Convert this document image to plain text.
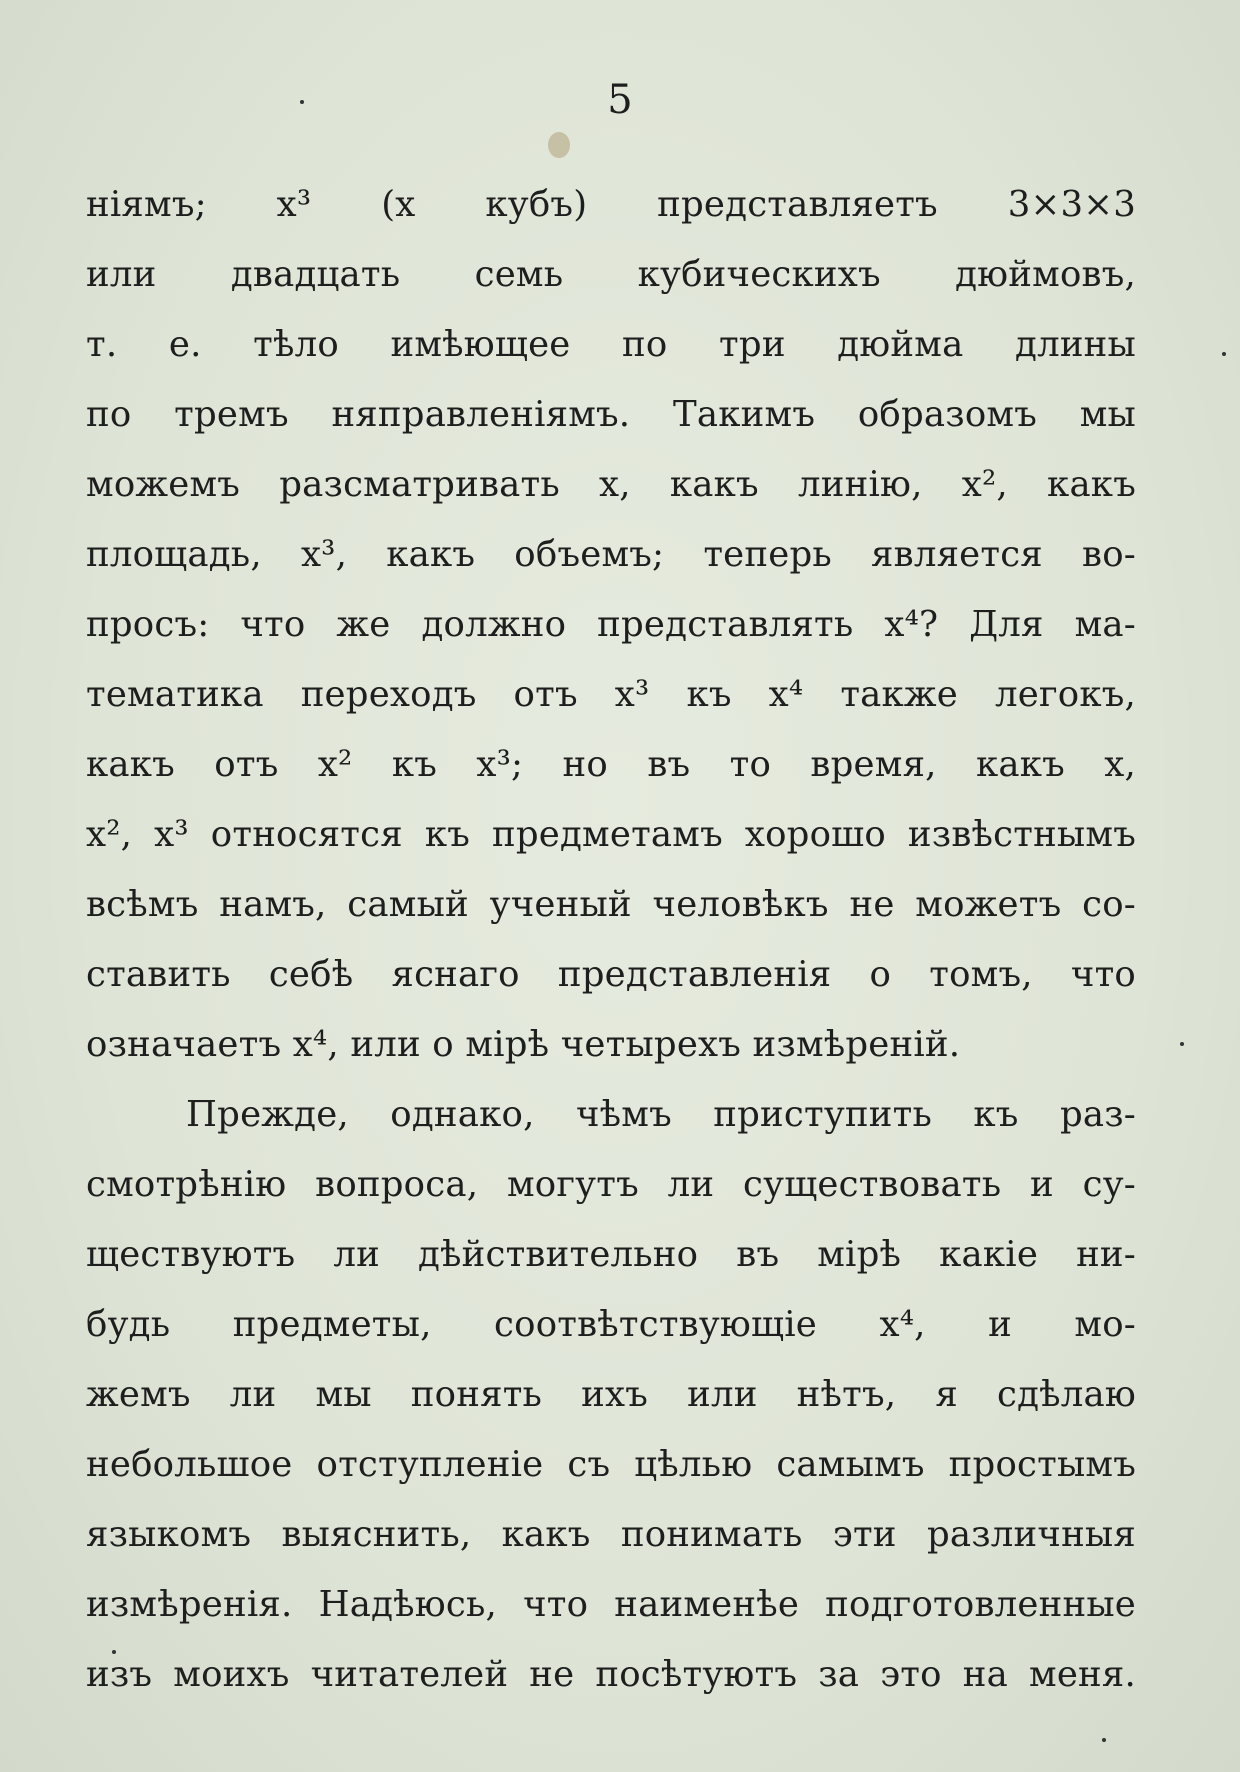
5
ніямъ; x³ (x кубъ) представляетъ 3×3×3
или двадцать семь кубическихъ дюймовъ,
т. е. тѣло имѣющее по три дюйма длины
по тремъ няправленіямъ. Такимъ образомъ мы
можемъ разсматривать x, какъ линію, x², какъ
площадь, x³, какъ объемъ; теперь является во-
просъ: что же должно представлять x⁴? Для ма-
тематика переходъ отъ x³ къ x⁴ также легокъ,
какъ отъ x² къ x³; но въ то время, какъ x,
x², x³ относятся къ предметамъ хорошо извѣстнымъ
всѣмъ намъ, самый ученый человѣкъ не можетъ со-
ставить себѣ яснаго представленія о томъ, что
означаетъ x⁴, или о мірѣ четырехъ измѣреній.
Прежде, однако, чѣмъ приступить къ раз-
смотрѣнію вопроса, могутъ ли существовать и су-
ществуютъ ли дѣйствительно въ мірѣ какіе ни-
будь предметы, соотвѣтствующіе x⁴, и мо-
жемъ ли мы понять ихъ или нѣтъ, я сдѣлаю
небольшое отступленіе съ цѣлью самымъ простымъ
языкомъ выяснить, какъ понимать эти различныя
измѣренія. Надѣюсь, что наименѣе подготовленные
изъ моихъ читателей не посѣтуютъ за это на меня.
